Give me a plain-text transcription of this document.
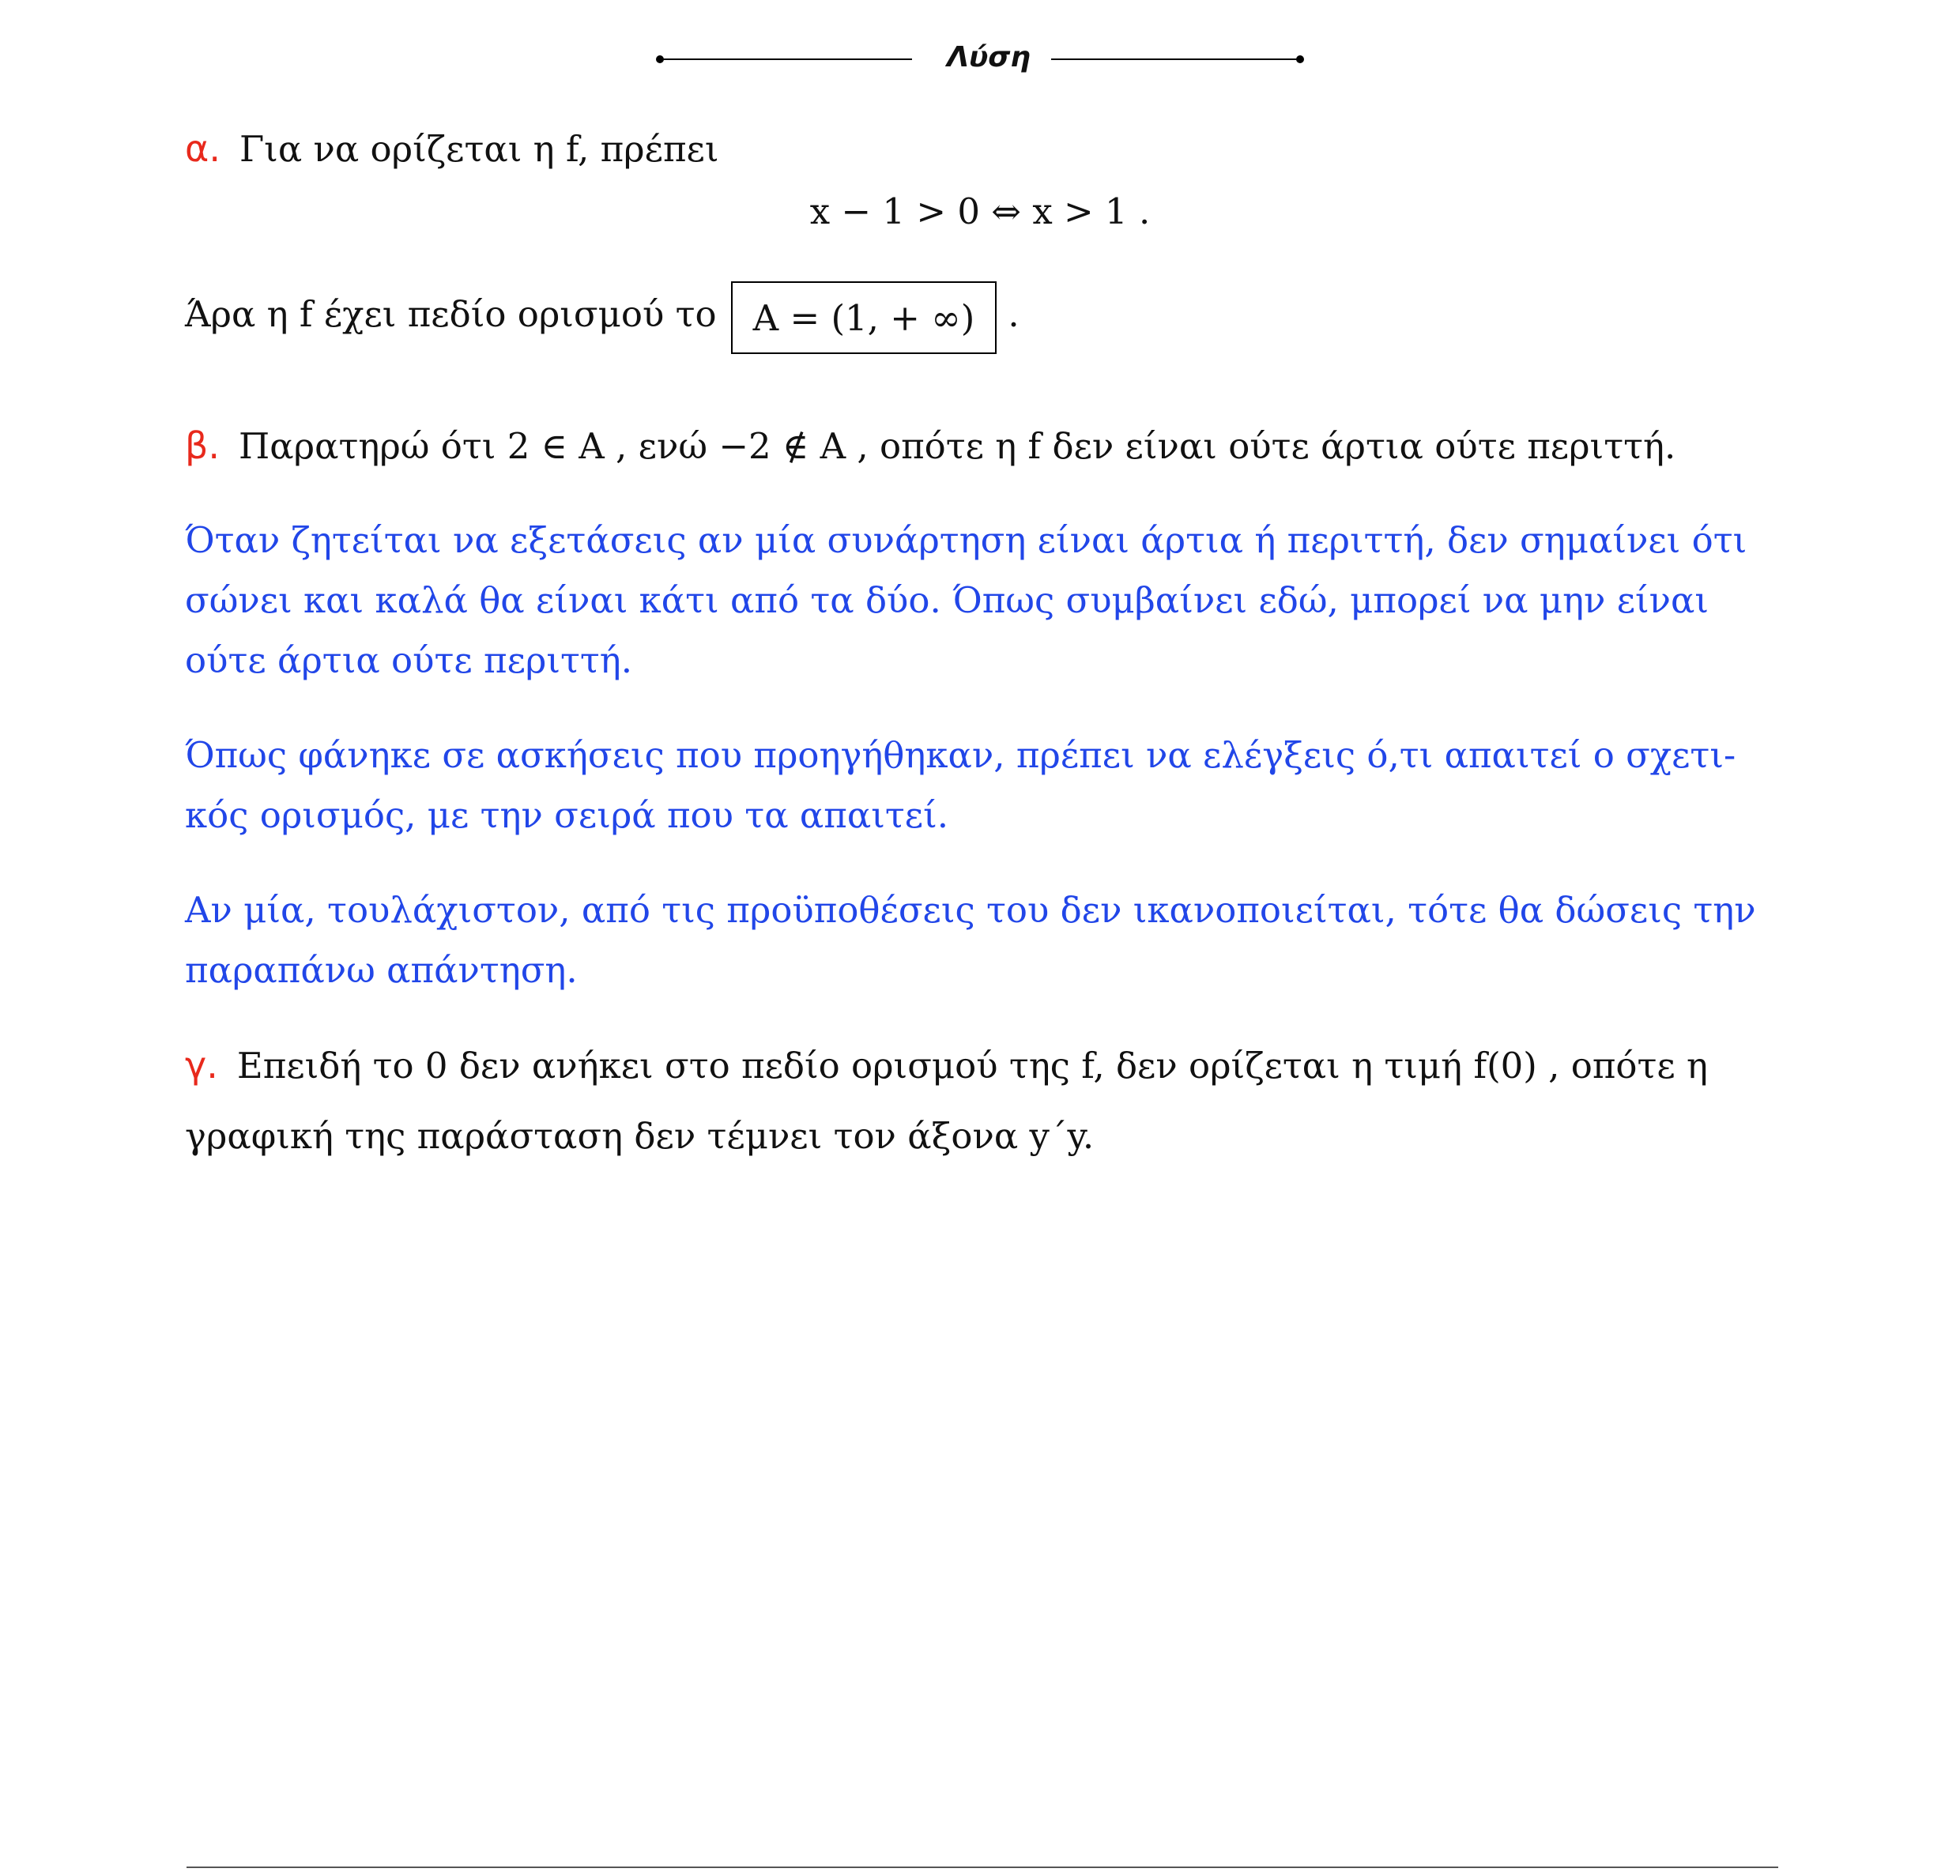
Λύση
α. Για να ορίζεται η f, πρέπει
x − 1 > 0 ⇔ x > 1 .
Άρα η f έχει πεδίο ορισμού το A = (1, + ∞) .
β. Παρατηρώ ότι 2 ∈ A , ενώ −2 ∉ A , οπότε η f δεν είναι ούτε άρτια ούτε περιττή.
Όταν ζητείται να εξετάσεις αν μία συνάρτηση είναι άρτια ή περιττή, δεν σημαίνει ότι
σώνει και καλά θα είναι κάτι από τα δύο. Όπως συμβαίνει εδώ, μπορεί να μην είναι
ούτε άρτια ούτε περιττή.
Όπως φάνηκε σε ασκήσεις που προηγήθηκαν, πρέπει να ελέγξεις ό,τι απαιτεί ο σχετι-
κός ορισμός, με την σειρά που τα απαιτεί.
Αν μία, τουλάχιστον, από τις προϋποθέσεις του δεν ικανοποιείται, τότε θα δώσεις την
παραπάνω απάντηση.
γ. Επειδή το 0 δεν ανήκει στο πεδίο ορισμού της f, δεν ορίζεται η τιμή f(0) , οπότε η
γραφική της παράσταση δεν τέμνει τον άξονα y΄y.
